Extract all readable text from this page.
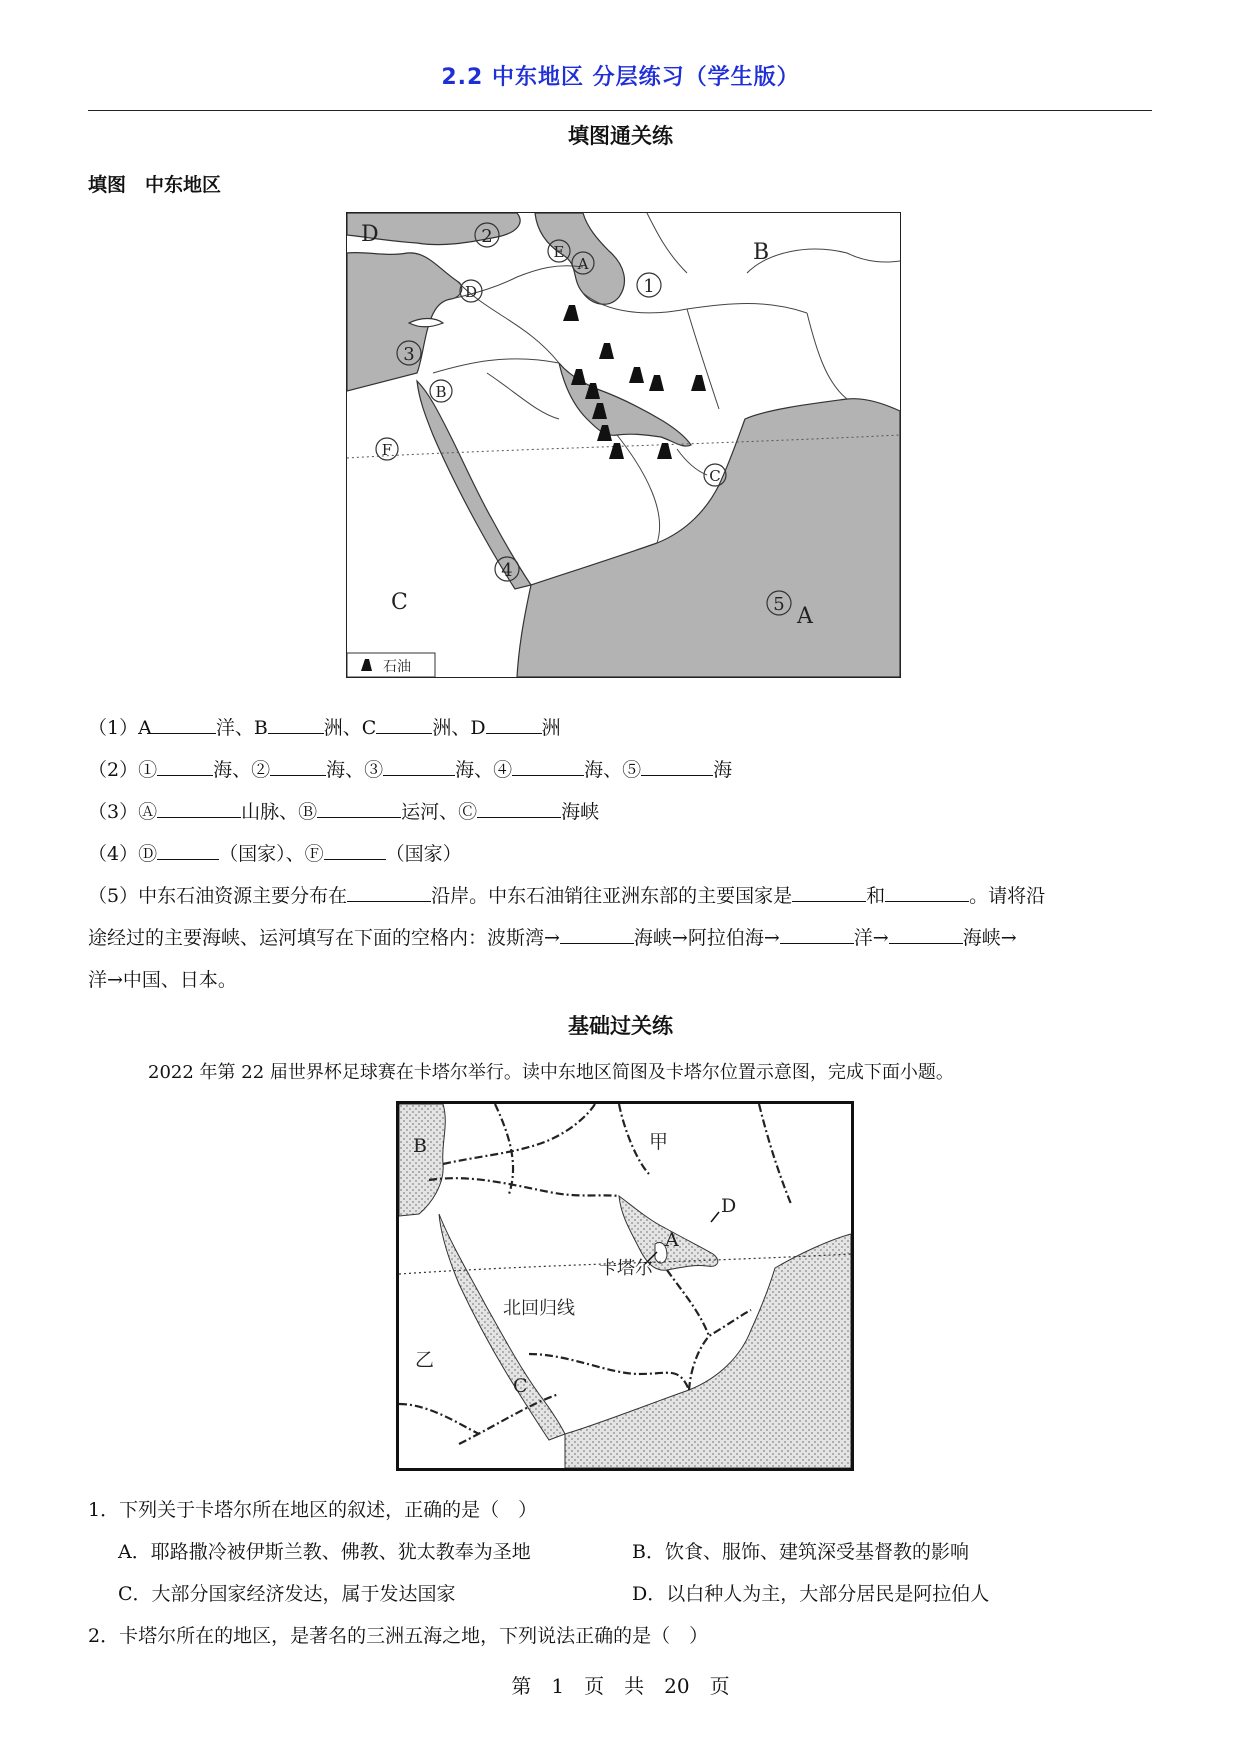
2.2 中东地区 分层练习（学生版）
填图通关练
填图　中东地区
D
B
C
A
2
E
A
1
D
3
B
F
C
4
5
石油
（1）A	洋、B	洲、C	洲、D	洲
（2）①	海、②	海、③	海、④	海、⑤	海
（3）Ⓐ	山脉、Ⓑ	运河、Ⓒ	海峡
（4）Ⓓ	（国家）、Ⓕ	（国家）
（5）中东石油资源主要分布在	沿岸。中东石油销往亚洲东部的主要国家是	和	。请将沿
途经过的主要海峡、运河填写在下面的空格内：波斯湾→	海峡→阿拉伯海→	洋→	海峡→
洋→中国、日本。
基础过关练
2022 年第 22 届世界杯足球赛在卡塔尔举行。读中东地区简图及卡塔尔位置示意图，完成下面小题。
B	甲
D
A
卡塔尔
北回归线
乙
C
1．下列关于卡塔尔所在地区的叙述，正确的是（　）
A．耶路撒冷被伊斯兰教、佛教、犹太教奉为圣地	B．饮食、服饰、建筑深受基督教的影响
C．大部分国家经济发达，属于发达国家	D．以白种人为主，大部分居民是阿拉伯人
2．卡塔尔所在的地区，是著名的三洲五海之地，下列说法正确的是（　）
第　1　页　共　20　页
